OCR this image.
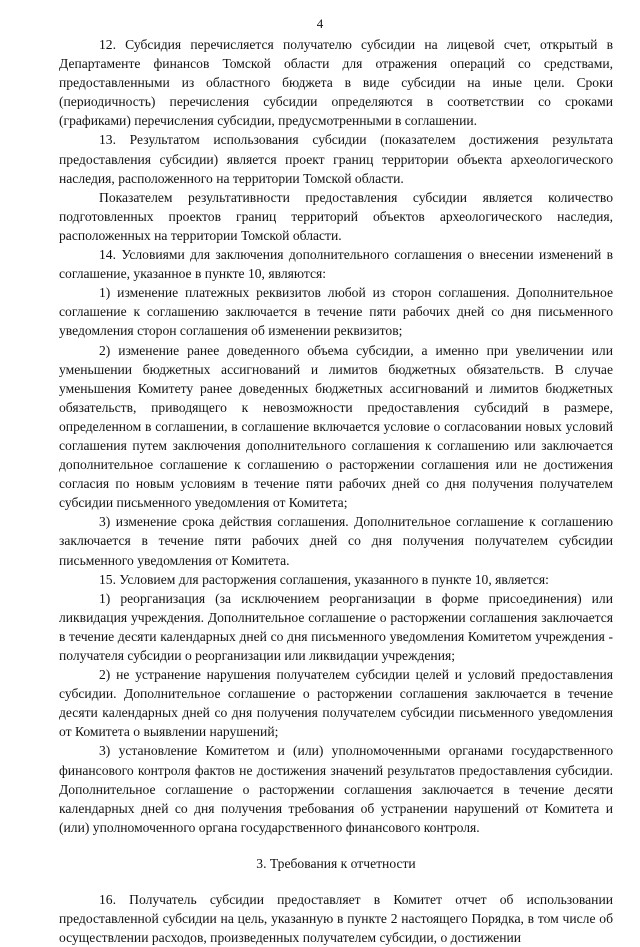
4

12. Субсидия перечисляется получателю субсидии на лицевой счет, открытый в Департаменте финансов Томской области для отражения операций со средствами, предоставленными из областного бюджета в виде субсидии на иные цели. Сроки (периодичность) перечисления субсидии определяются в соответствии со сроками (графиками) перечисления субсидии, предусмотренными в соглашении.

13. Результатом использования субсидии (показателем достижения результата предоставления субсидии) является проект границ территории объекта археологического наследия, расположенного на территории Томской области.

Показателем результативности предоставления субсидии является количество подготовленных проектов границ территорий объектов археологического наследия, расположенных на территории Томской области.

14. Условиями для заключения дополнительного соглашения о внесении изменений в соглашение, указанное в пункте 10, являются:

1) изменение платежных реквизитов любой из сторон соглашения. Дополнительное соглашение к соглашению заключается в течение пяти рабочих дней со дня письменного уведомления сторон соглашения об изменении реквизитов;

2) изменение ранее доведенного объема субсидии, а именно при увеличении или уменьшении бюджетных ассигнований и лимитов бюджетных обязательств. В случае уменьшения Комитету ранее доведенных бюджетных ассигнований и лимитов бюджетных обязательств, приводящего к невозможности предоставления субсидий в размере, определенном в соглашении, в соглашение включается условие о согласовании новых условий соглашения путем заключения дополнительного соглашения к соглашению или заключается дополнительное соглашение к соглашению о расторжении соглашения или не достижения согласия по новым условиям в течение пяти рабочих дней со дня получения получателем субсидии письменного уведомления от Комитета;

3) изменение срока действия соглашения. Дополнительное соглашение к соглашению заключается в течение пяти рабочих дней со дня получения получателем субсидии письменного уведомления от Комитета.

15. Условием для расторжения соглашения, указанного в пункте 10, является:

1) реорганизация (за исключением реорганизации в форме присоединения) или ликвидация учреждения. Дополнительное соглашение о расторжении соглашения заключается в течение десяти календарных дней со дня письменного уведомления Комитетом учреждения - получателя субсидии о реорганизации или ликвидации учреждения;

2) не устранение нарушения получателем субсидии целей и условий предоставления субсидии. Дополнительное соглашение о расторжении соглашения заключается в течение десяти календарных дней со дня получения получателем субсидии письменного уведомления от Комитета о выявлении нарушений;

3) установление Комитетом и (или) уполномоченными органами государственного финансового контроля фактов не достижения значений результатов предоставления субсидии. Дополнительное соглашение о расторжении соглашения заключается в течение десяти календарных дней со дня получения требования об устранении нарушений от Комитета и (или) уполномоченного органа государственного финансового контроля.

3. Требования к отчетности

16. Получатель субсидии предоставляет в Комитет отчет об использовании предоставленной субсидии на цель, указанную в пункте 2 настоящего Порядка, в том числе об осуществлении расходов, произведенных получателем субсидии, о достижении
